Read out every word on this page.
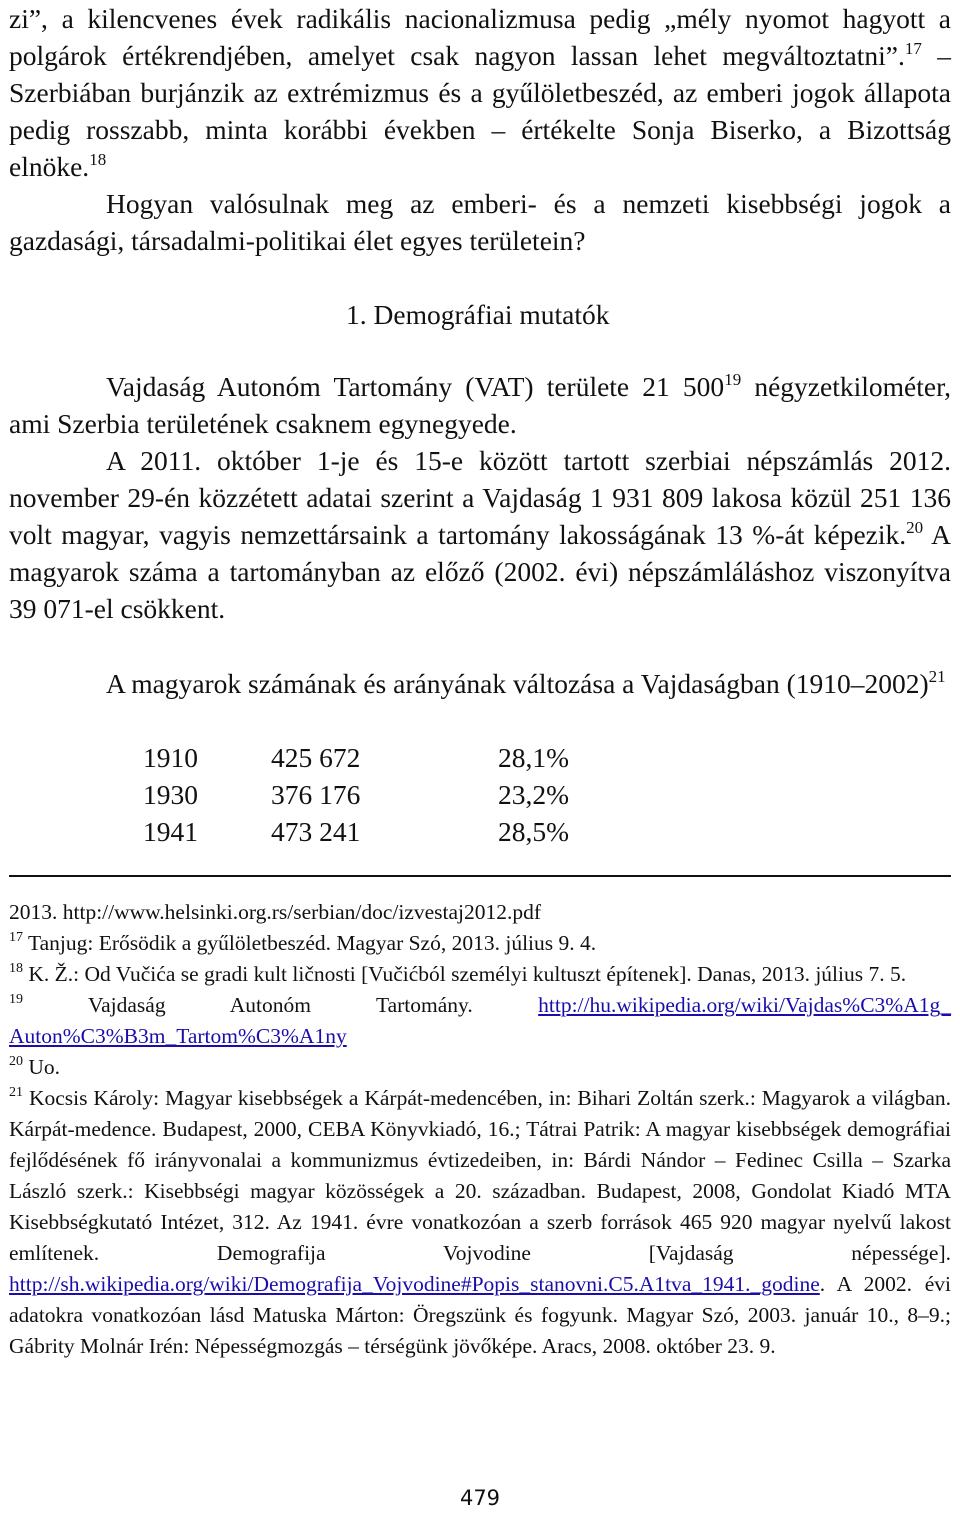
zi”, a kilencvenes évek radikális nacionalizmusa pedig „mély nyomot hagyott a polgárok értékrendjében, amelyet csak nagyon lassan lehet megváltoztatni”.$^{17}$ – Szerbiában burjánzik az extrémizmus és a gyűlöletbeszéd, az emberi jogok állapota pedig rosszabb, minta korábbi években – értékelte Sonja Biserko, a Bizottság elnöke.$^{18}$

Hogyan valósulnak meg az emberi- és a nemzeti kisebbségi jogok a gazdasági, társadalmi-politikai élet egyes területein?

1. Demográfiai mutatók

Vajdaság Autonóm Tartomány (VAT) területe 21 $500^{19}$ négyzetkilométer, ami Szerbia területének csaknem egynegyede.

A 2011. október 1-je és 15-e között tartott szerbiai népszámlás 2012. november 29-én közzétett adatai szerint a Vajdaság 1 931 809 lakosa közül 251 136 volt magyar, vagyis nemzettársaink a tartomány lakosságának 13 %-át képezik.$^{20}$ A magyarok száma a tartományban az előző (2002. évi) népszámláláshoz viszonyítva 39 071-el csökkent.

A magyarok számának és arányának változása a Vajdaságban (1910–2002)$^{21}$

1910	425 672	28,1%
1930	376 176	23,2%
1941	473 241	28,5%

2013. http://www.helsinki.org.rs/serbian/doc/izvestaj2012.pdf

$^{17}$ Tanjug: Erősödik a gyűlöletbeszéd. Magyar Szó, 2013. július 9. 4.

$^{18}$ K. Ž.: Od Vučića se gradi kult ličnosti [Vučićból személyi kultuszt építenek]. Danas, 2013. július 7. 5.

$^{19}$ Vajdaság Autonóm Tartomány. http://hu.wikipedia.org/wiki/Vajdas%C3%A1g_ Auton%C3%B3m_Tartom%C3%A1ny

$^{20}$ Uo.

$^{21}$ Kocsis Károly: Magyar kisebbségek a Kárpát-medencében, in: Bihari Zoltán szerk.: Magyarok a világban. Kárpát-medence. Budapest, 2000, CEBA Könyvkiadó, 16.; Tátrai Patrik: A magyar kisebbségek demográfiai fejlődésének fő irányvonalai a kommunizmus évtizedeiben, in: Bárdi Nándor – Fedinec Csilla – Szarka László szerk.: Kisebbségi magyar közösségek a 20. században. Budapest, 2008, Gondolat Kiadó MTA Kisebbségkutató Intézet, 312. Az 1941. évre vonatkozóan a szerb források 465 920 magyar nyelvű lakost említenek. Demografija Vojvodine [Vajdaság népessége]. http://sh.wikipedia.org/wiki/Demografija_Vojvodine#Popis_stanovni.C5.A1tva_1941._godine. A 2002. évi adatokra vonatkozóan lásd Matuska Márton: Öregszünk és fogyunk. Magyar Szó, 2003. január 10., 8–9.; Gábrity Molnár Irén: Népességmozgás – térségünk jövőképe. Aracs, 2008. október 23. 9.

479
